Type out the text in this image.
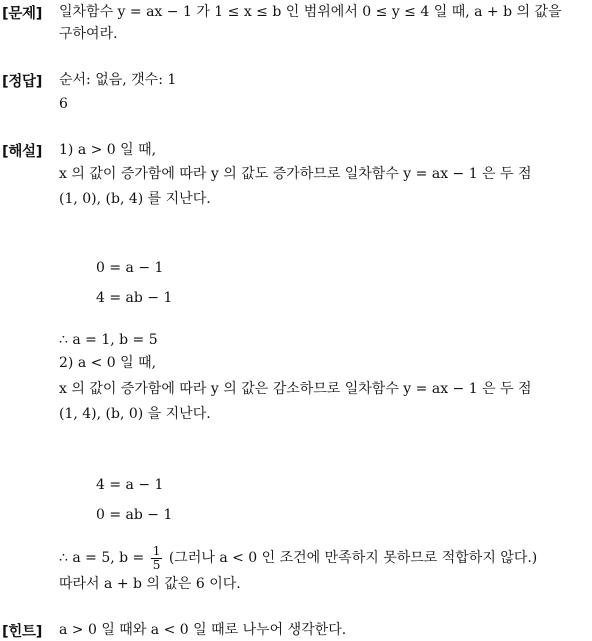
[문제] 일차함수 y = ax − 1 가 1 ≤ x ≤ b 인 범위에서 0 ≤ y ≤ 4 일 때, a + b 의 값을
구하여라.
[정답] 순서: 없음, 갯수: 1
6
[해설] 1) a > 0 일 때,
x 의 값이 증가함에 따라 y 의 값도 증가하므로 일차함수 y = ax − 1 은 두 점
(1, 0), (b, 4) 를 지난다.
0 = a − 1
4 = ab − 1
∴ a = 1, b = 5
2) a < 0 일 때,
x 의 값이 증가함에 따라 y 의 값은 감소하므로 일차함수 y = ax − 1 은 두 점
(1, 4), (b, 0) 을 지난다.
4 = a − 1
0 = ab − 1
∴ a = 5, $b = \frac{1}{5}$ (그러나 a < 0 인 조건에 만족하지 못하므로 적합하지 않다.)
따라서 a + b 의 값은 6 이다.
[힌트] a > 0 일 때와 a < 0 일 때로 나누어 생각한다.
